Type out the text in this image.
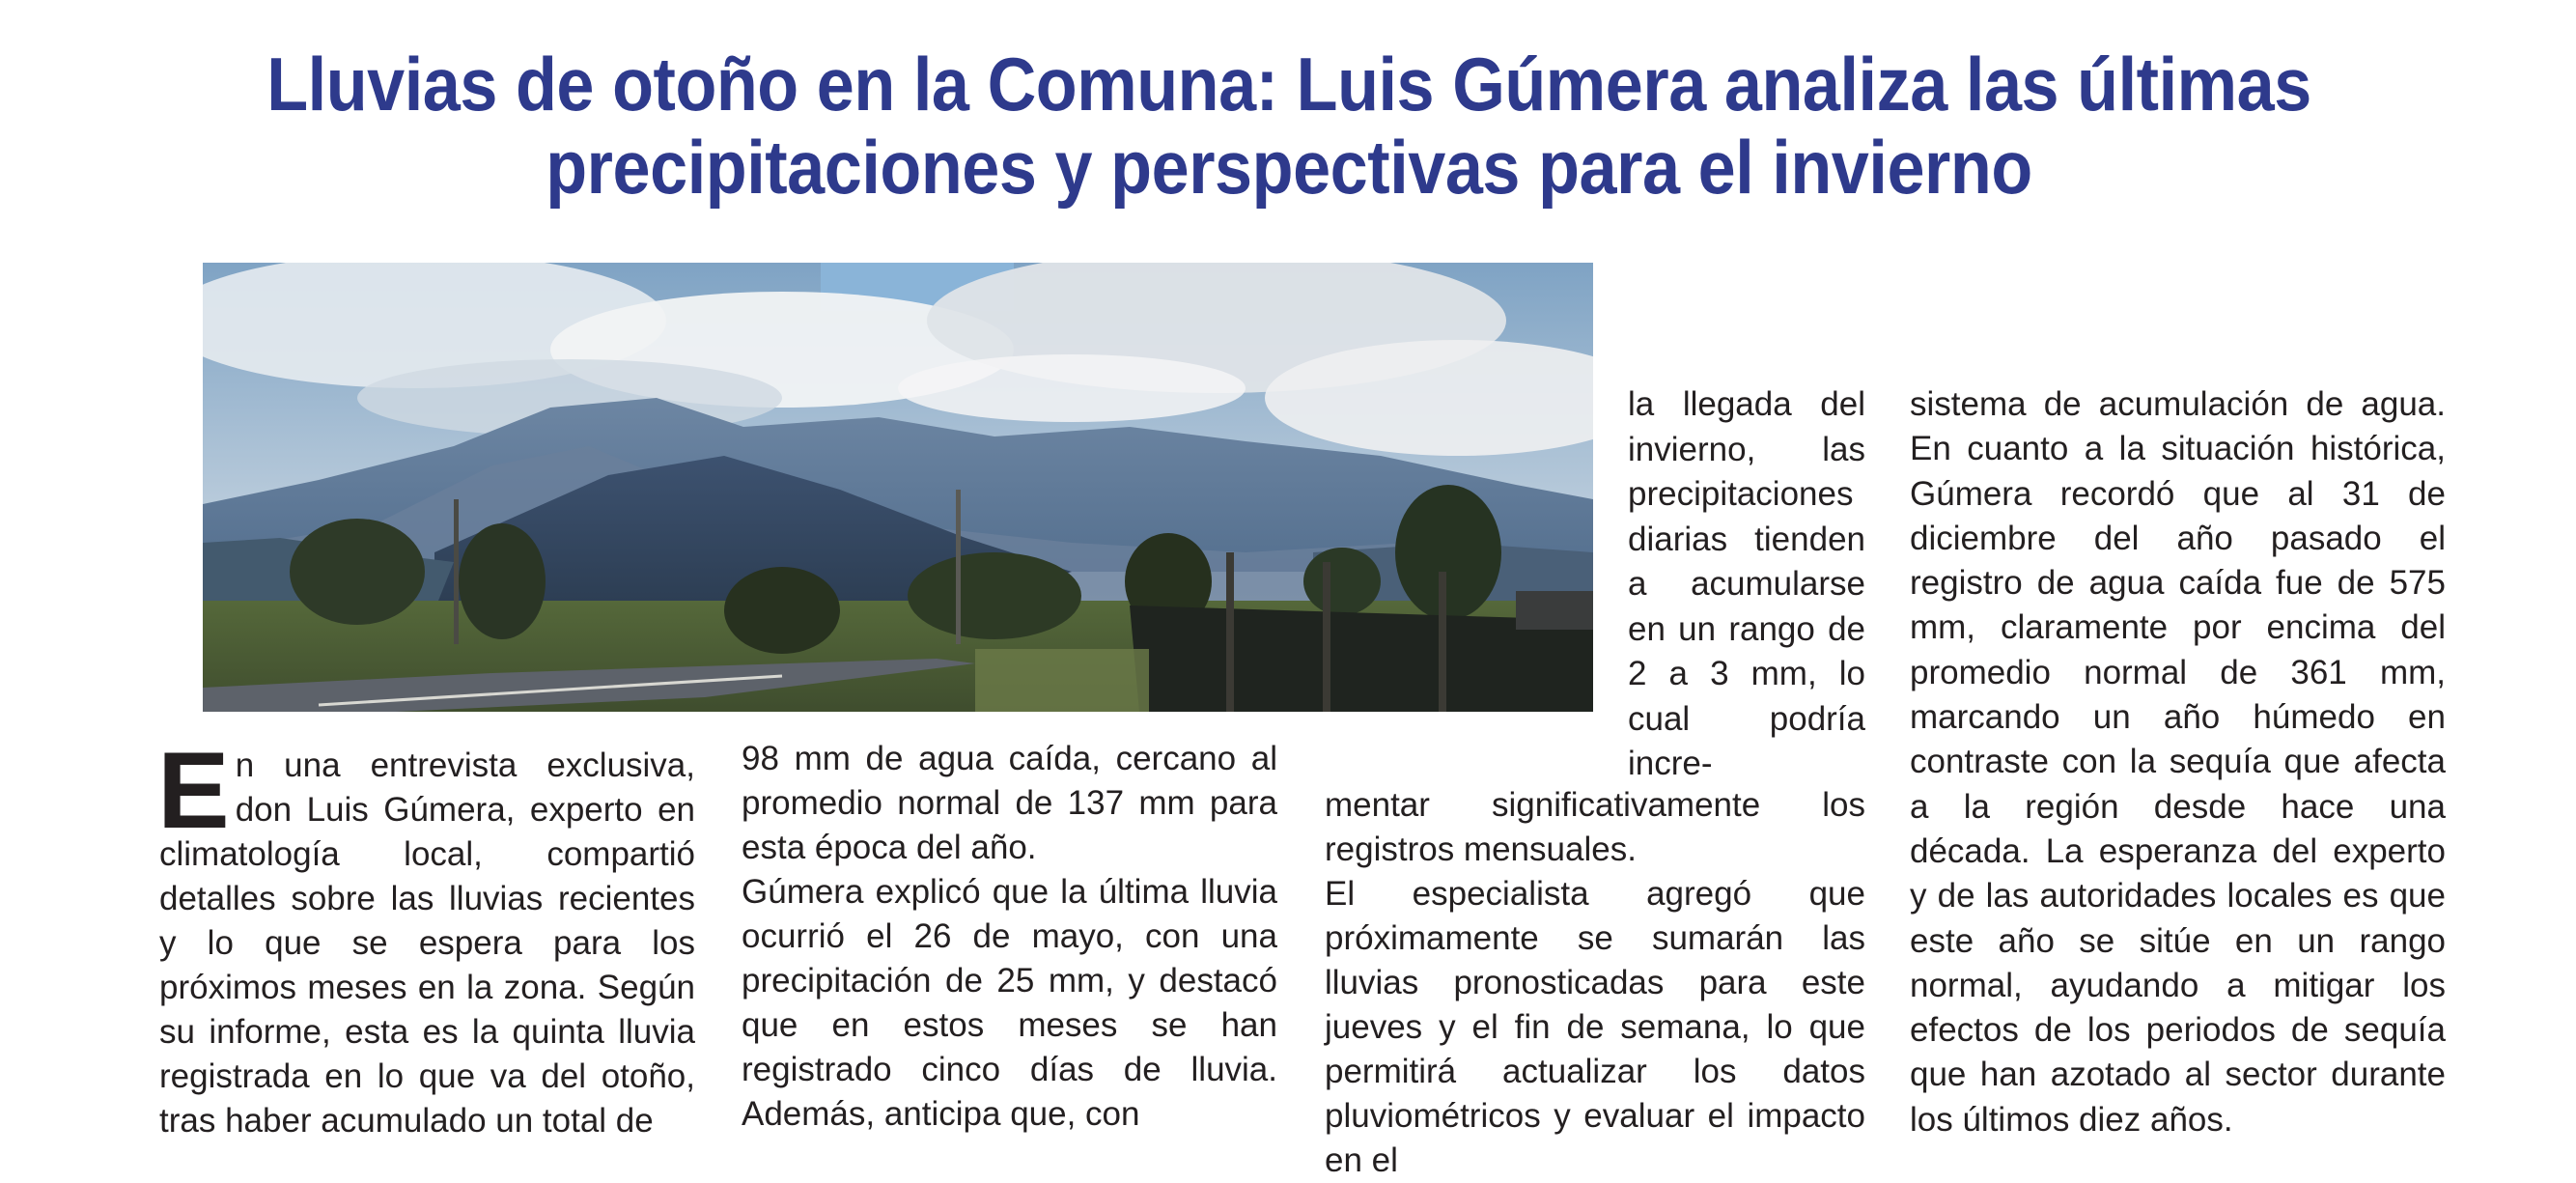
Lluvias de otoño en la Comuna: Luis Gúmera analiza las últimas
precipitaciones y perspectivas para el invierno
E n una entrevista exclusiva, don Luis Gúmera, experto en climatología local, compartió detalles sobre las lluvias recientes y lo que se espera para los próximos meses en la zona. Según su informe, esta es la quinta lluvia registrada en lo que va del otoño, tras haber acumulado un total de

98 mm de agua caída, cercano al promedio normal de 137 mm para esta época del año.

Gúmera explicó que la última lluvia ocurrió el 26 de mayo, con una precipitación de 25 mm, y destacó que en estos meses se han registrado cinco días de lluvia. Además, anticipa que, con

la llegada del invierno, las precipitaciones diarias tienden a acumularse en un rango de 2 a 3 mm, lo cual podría incre-

mentar significativamente los registros mensuales.

El especialista agregó que próximamente se sumarán las lluvias pronosticadas para este jueves y el fin de semana, lo que permitirá actualizar los datos pluviométricos y evaluar el impacto en el

sistema de acumulación de agua. En cuanto a la situación histórica, Gúmera recordó que al 31 de diciembre del año pasado el registro de agua caída fue de 575 mm, claramente por encima del promedio normal de 361 mm, marcando un año húmedo en contraste con la sequía que afecta a la región desde hace una década. La esperanza del experto y de las autoridades locales es que este año se sitúe en un rango normal, ayudando a mitigar los efectos de los periodos de sequía que han azotado al sector durante los últimos diez años.
